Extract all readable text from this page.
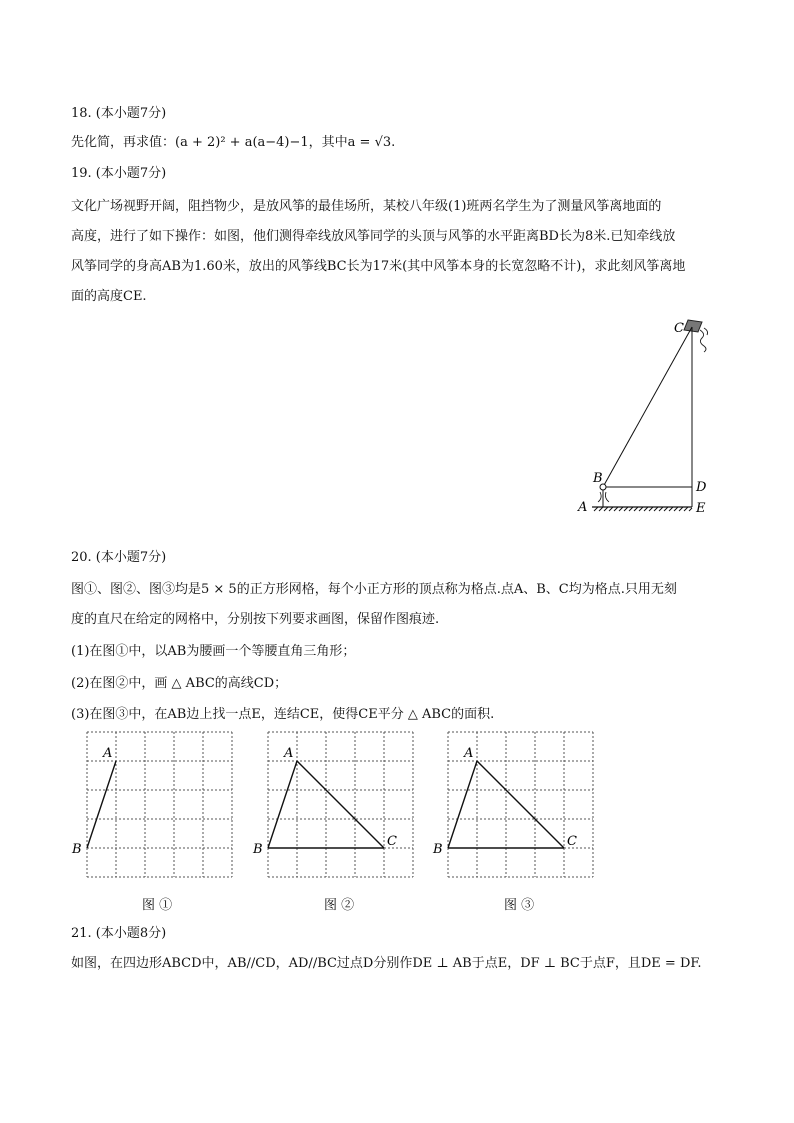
18. (本小题7分)
先化简，再求值：(a + 2)² + a(a−4)−1，其中a = √3.
19. (本小题7分)
文化广场视野开阔，阻挡物少，是放风筝的最佳场所，某校八年级(1)班两名学生为了测量风筝离地面的
高度，进行了如下操作：如图，他们测得牵线放风筝同学的头顶与风筝的水平距离BD长为8米.已知牵线放
风筝同学的身高AB为1.60米，放出的风筝线BC长为17米(其中风筝本身的长宽忽略不计)，求此刻风筝离地
面的高度CE.
C
B
D
A	E
20. (本小题7分)
图①、图②、图③均是5 × 5的正方形网格，每个小正方形的顶点称为格点.点A、B、C均为格点.只用无刻
度的直尺在给定的网格中，分别按下列要求画图，保留作图痕迹.
(1)在图①中，以AB为腰画一个等腰直角三角形；
(2)在图②中，画 △ ABC的高线CD；
(3)在图③中，在AB边上找一点E，连结CE，使得CE平分 △ ABC的面积.
A
B
A
B
C
A
B
C
图 ①	图 ②	图 ③
21. (本小题8分)
如图，在四边形ABCD中，AB//CD，AD//BC过点D分别作DE ⊥ AB于点E，DF ⊥ BC于点F，且DE = DF.
